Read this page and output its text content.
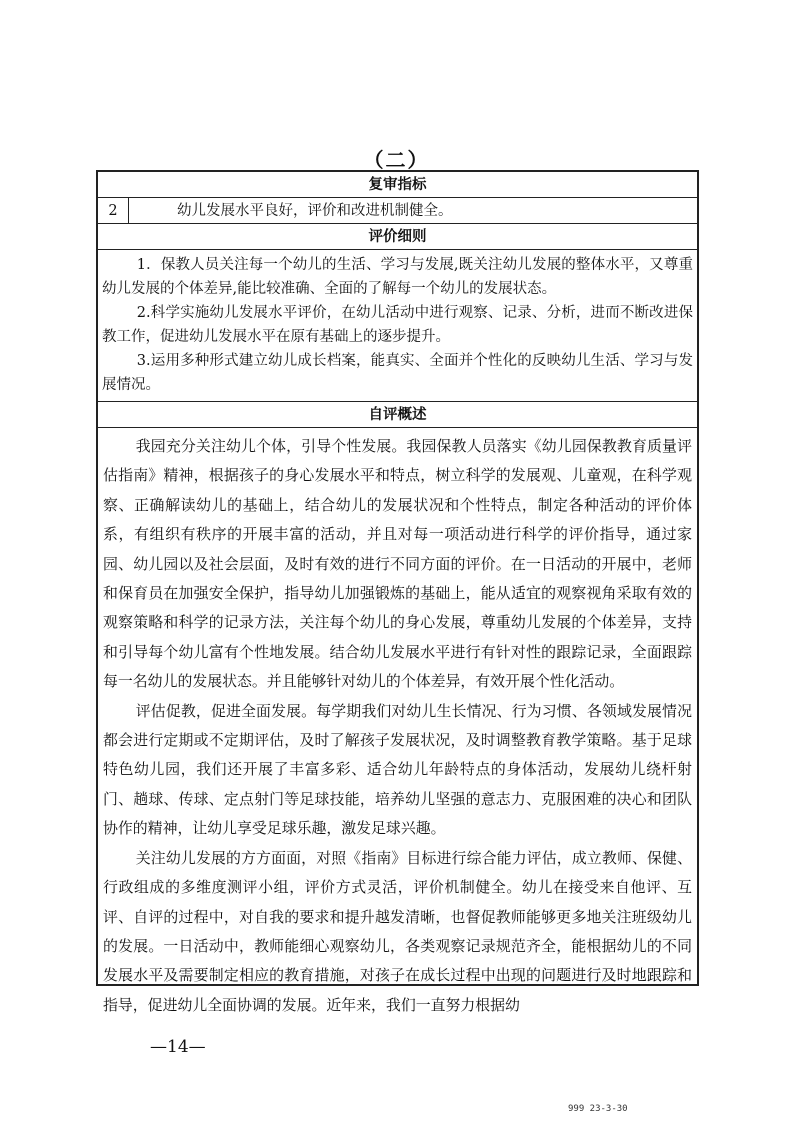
（二）
复审指标
2	幼儿发展水平良好，评价和改进机制健全。
评价细则

1．保教人员关注每一个幼儿的生活、学习与发展,既关注幼儿发展的整体水平，又尊重幼儿发展的个体差异,能比较准确、全面的了解每一个幼儿的发展状态。

2.科学实施幼儿发展水平评价，在幼儿活动中进行观察、记录、分析，进而不断改进保教工作，促进幼儿发展水平在原有基础上的逐步提升。

3.运用多种形式建立幼儿成长档案，能真实、全面并个性化的反映幼儿生活、学习与发展情况。

自评概述

我园充分关注幼儿个体，引导个性发展。我园保教人员落实《幼儿园保教教育质量评估指南》精神，根据孩子的身心发展水平和特点，树立科学的发展观、儿童观，在科学观察、正确解读幼儿的基础上，结合幼儿的发展状况和个性特点，制定各种活动的评价体系，有组织有秩序的开展丰富的活动，并且对每一项活动进行科学的评价指导，通过家园、幼儿园以及社会层面，及时有效的进行不同方面的评价。在一日活动的开展中，老师和保育员在加强安全保护，指导幼儿加强锻炼的基础上，能从适宜的观察视角采取有效的观察策略和科学的记录方法，关注每个幼儿的身心发展，尊重幼儿发展的个体差异，支持和引导每个幼儿富有个性地发展。结合幼儿发展水平进行有针对性的跟踪记录，全面跟踪每一名幼儿的发展状态。并且能够针对幼儿的个体差异，有效开展个性化活动。

评估促教，促进全面发展。每学期我们对幼儿生长情况、行为习惯、各领域发展情况都会进行定期或不定期评估，及时了解孩子发展状况，及时调整教育教学策略。基于足球特色幼儿园，我们还开展了丰富多彩、适合幼儿年龄特点的身体活动，发展幼儿绕杆射门、趟球、传球、定点射门等足球技能，培养幼儿坚强的意志力、克服困难的决心和团队协作的精神，让幼儿享受足球乐趣，激发足球兴趣。

关注幼儿发展的方方面面，对照《指南》目标进行综合能力评估，成立教师、保健、行政组成的多维度测评小组，评价方式灵活，评价机制健全。幼儿在接受来自他评、互评、自评的过程中，对自我的要求和提升越发清晰，也督促教师能够更多地关注班级幼儿的发展。一日活动中，教师能细心观察幼儿，各类观察记录规范齐全，能根据幼儿的不同发展水平及需要制定相应的教育措施，对孩子在成长过程中出现的问题进行及时地跟踪和指导，促进幼儿全面协调的发展。近年来，我们一直努力根据幼

—14—
999 23-3-30
